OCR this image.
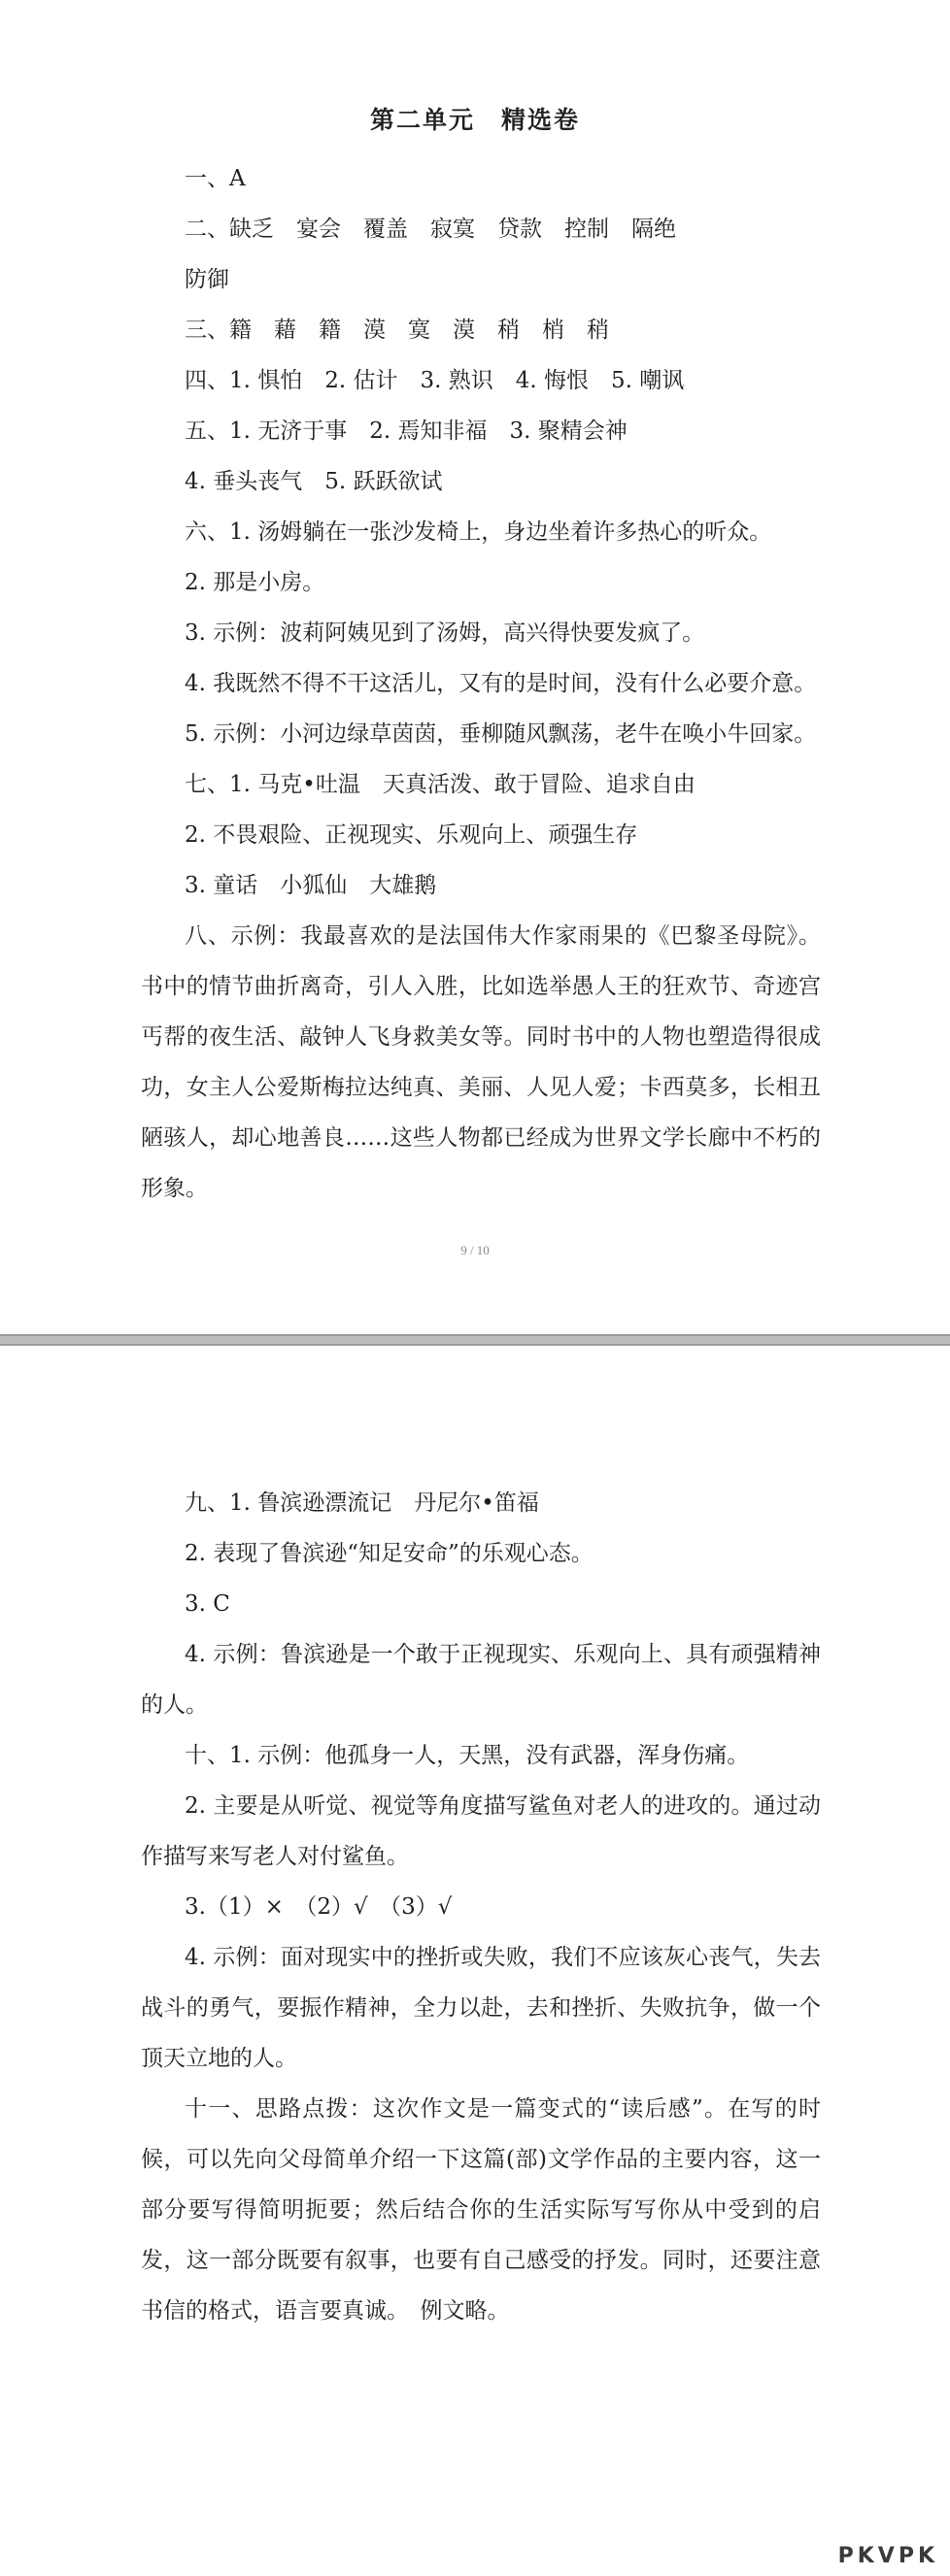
第二单元　精选卷
一、A
二、缺乏　宴会　覆盖　寂寞　贷款　控制　隔绝
防御
三、籍　藉　籍　漠　寞　漠　稍　梢　稍
四、1. 惧怕　2. 估计　3. 熟识　4. 悔恨　5. 嘲讽
五、1. 无济于事　2. 焉知非福　3. 聚精会神
4. 垂头丧气　5. 跃跃欲试
六、1. 汤姆躺在一张沙发椅上，身边坐着许多热心的听众。
2. 那是小房。
3. 示例：波莉阿姨见到了汤姆，高兴得快要发疯了。
4. 我既然不得不干这活儿，又有的是时间，没有什么必要介意。
5. 示例：小河边绿草茵茵，垂柳随风飘荡，老牛在唤小牛回家。
七、1. 马克•吐温　天真活泼、敢于冒险、追求自由
2. 不畏艰险、正视现实、乐观向上、顽强生存
3. 童话　小狐仙　大雄鹅
八、示例：我最喜欢的是法国伟大作家雨果的《巴黎圣母院》。书中的情节曲折离奇，引人入胜，比如选举愚人王的狂欢节、奇迹宫丐帮的夜生活、敲钟人飞身救美女等。同时书中的人物也塑造得很成功，女主人公爱斯梅拉达纯真、美丽、人见人爱；卡西莫多，长相丑陋骇人，却心地善良……这些人物都已经成为世界文学长廊中不朽的形象。
9 / 10
九、1. 鲁滨逊漂流记　丹尼尔•笛福
2. 表现了鲁滨逊“知足安命”的乐观心态。
3. C
4. 示例：鲁滨逊是一个敢于正视现实、乐观向上、具有顽强精神的人。
十、1. 示例：他孤身一人，天黑，没有武器，浑身伤痛。
2. 主要是从听觉、视觉等角度描写鲨鱼对老人的进攻的。通过动作描写来写老人对付鲨鱼。
3.（1）×　（2）√　（3）√
4. 示例：面对现实中的挫折或失败，我们不应该灰心丧气，失去战斗的勇气，要振作精神，全力以赴，去和挫折、失败抗争，做一个顶天立地的人。
十一、思路点拨：这次作文是一篇变式的“读后感”。在写的时候，可以先向父母简单介绍一下这篇(部)文学作品的主要内容，这一部分要写得简明扼要；然后结合你的生活实际写写你从中受到的启发，这一部分既要有叙事，也要有自己感受的抒发。同时，还要注意书信的格式，语言要真诚。　例文略。
PKVPK
